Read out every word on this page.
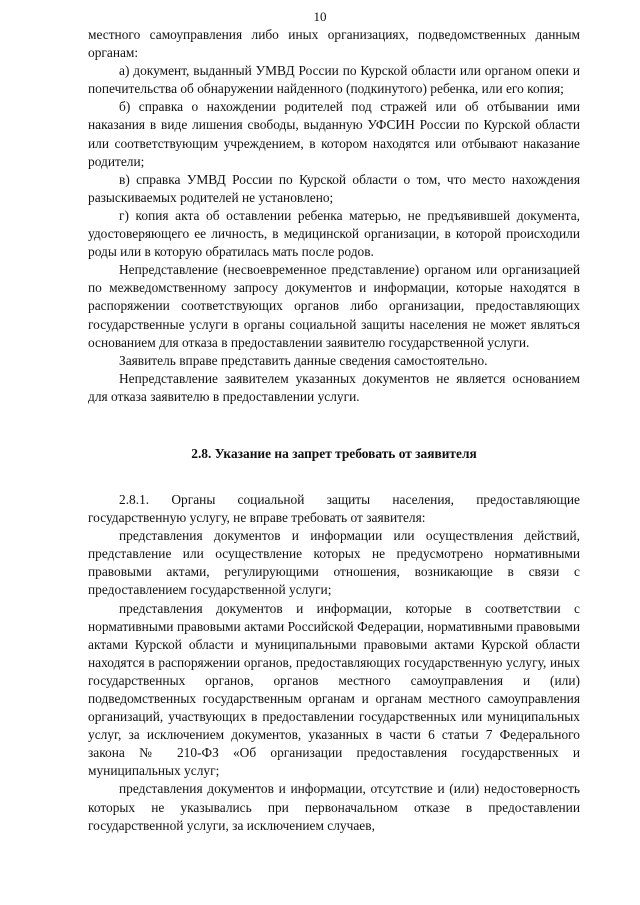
10

местного самоуправления либо иных организациях, подведомственных данным органам:

а) документ, выданный УМВД России по Курской области или органом опеки и попечительства об обнаружении найденного (подкинутого) ребенка, или его копия;

б) справка о нахождении родителей под стражей или об отбывании ими наказания в виде лишения свободы, выданную УФСИН России по Курской области или соответствующим учреждением, в котором находятся или отбывают наказание родители;

в) справка УМВД России по Курской области о том, что место нахождения разыскиваемых родителей не установлено;

г) копия акта об оставлении ребенка матерью, не предъявившей документа, удостоверяющего ее личность, в медицинской организации, в которой происходили роды или в которую обратилась мать после родов.

Непредставление (несвоевременное представление) органом или организацией по межведомственному запросу документов и информации, которые находятся в распоряжении соответствующих органов либо организации, предоставляющих государственные услуги в органы социальной защиты населения не может являться основанием для отказа в предоставлении заявителю государственной услуги.

Заявитель вправе представить данные сведения самостоятельно.

Непредставление заявителем указанных документов не является основанием для отказа заявителю в предоставлении услуги.

2.8. Указание на запрет требовать от заявителя

2.8.1. Органы социальной защиты населения, предоставляющие государственную услугу, не вправе требовать от заявителя:

представления документов и информации или осуществления действий, представление или осуществление которых не предусмотрено нормативными правовыми актами, регулирующими отношения, возникающие в связи с предоставлением государственной услуги;

представления документов и информации, которые в соответствии с нормативными правовыми актами Российской Федерации, нормативными правовыми актами Курской области и муниципальными правовыми актами Курской области находятся в распоряжении органов, предоставляющих государственную услугу, иных государственных органов, органов местного самоуправления и (или) подведомственных государственным органам и органам местного самоуправления организаций, участвующих в предоставлении государственных или муниципальных услуг, за исключением документов, указанных в части 6 статьи 7 Федерального закона № 210-ФЗ «Об организации предоставления государственных и муниципальных услуг;

представления документов и информации, отсутствие и (или) недостоверность которых не указывались при первоначальном отказе в предоставлении государственной услуги, за исключением случаев,
